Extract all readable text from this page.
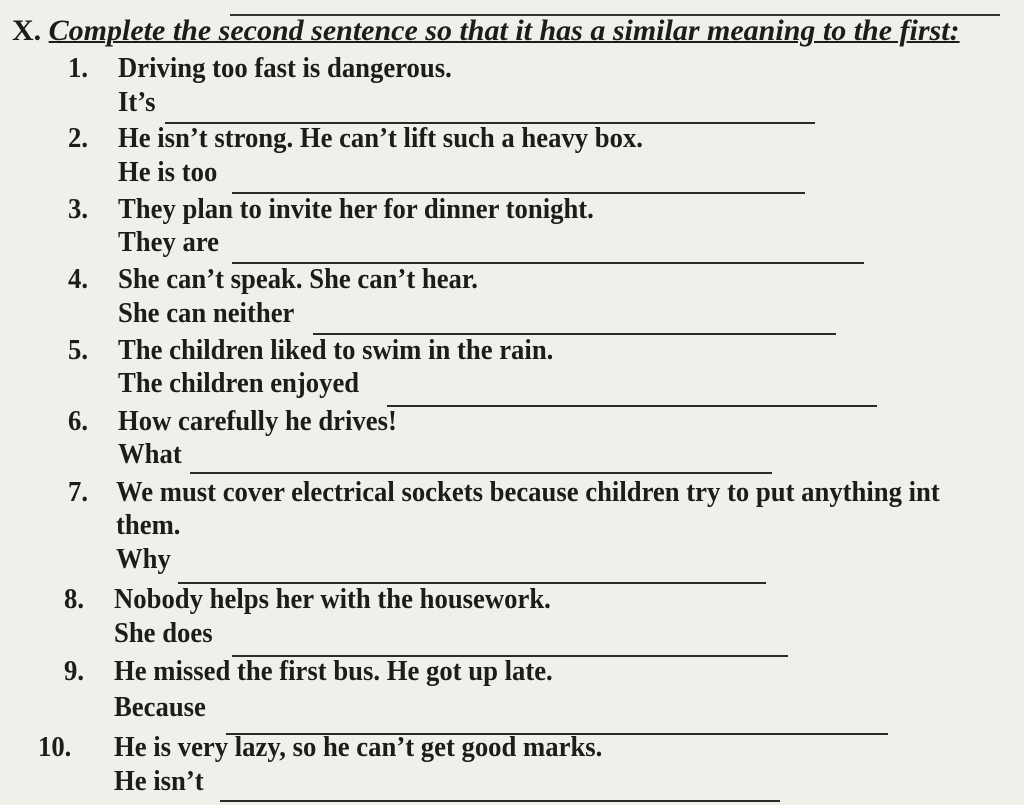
X. Complete the second sentence so that it has a similar meaning to the first:
1. Driving too fast is dangerous.
It’s
2. He isn’t strong. He can’t lift such a heavy box.
He is too
3. They plan to invite her for dinner tonight.
They are
4. She can’t speak. She can’t hear.
She can neither
5. The children liked to swim in the rain.
The children enjoyed
6. How carefully he drives!
What
7. We must cover electrical sockets because children try to put anything int
them.
Why
8. Nobody helps her with the housework.
She does
9. He missed the first bus. He got up late.
Because
10. He is very lazy, so he can’t get good marks.
He isn’t
